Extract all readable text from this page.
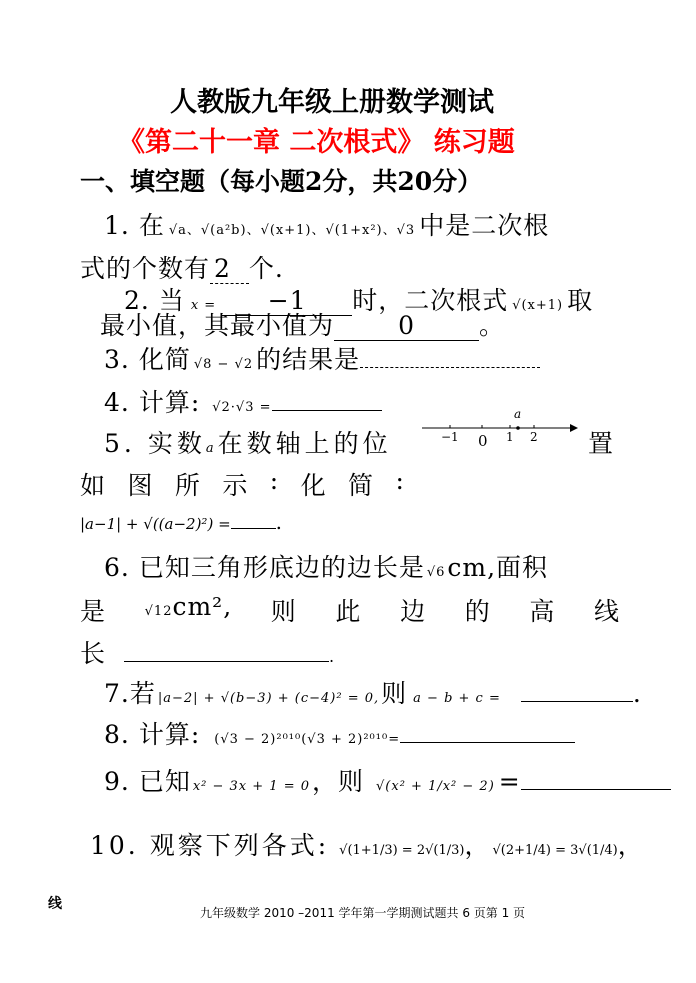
人教版九年级上册数学测试
《第二十一章 二次根式》 练习题
一、填空题（每小题2分，共20分）
1. 在 √a、√(a²b)、√(x+1)、√(1+x²)、√3 中是二次根
式的个数有 2 个.
2. 当 x = −1 时，二次根式 √(x+1) 取
最小值，其最小值为	0	。
3. 化简 √8 − √2 的结果是
4. 计算: √2·√3 =
5. 实数a在数轴上的位	置
−1 0 1 2
a
如 图 所 示 : 化 简 :
|a−1| + √((a−2)²) = .
6. 已知三角形底边的边长是 √6cm,面积
是	√12cm², 则 此 边 的 高 线
长	.
7.若 |a−2| + √(b−3) + (c−4)² = 0,则 a − b + c =	.
8. 计算: (√3 − 2)²⁰¹⁰(√3 + 2)²⁰¹⁰=
9. 已知 x² − 3x + 1 = 0，则 √(x² + 1/x² − 2) =
10. 观察下列各式: √(1+1/3) = 2√(1/3)，√(2+1/4) = 3√(1/4)，
线
九年级数学 2010 –2011 学年第一学期测试题共 6 页第 1 页
